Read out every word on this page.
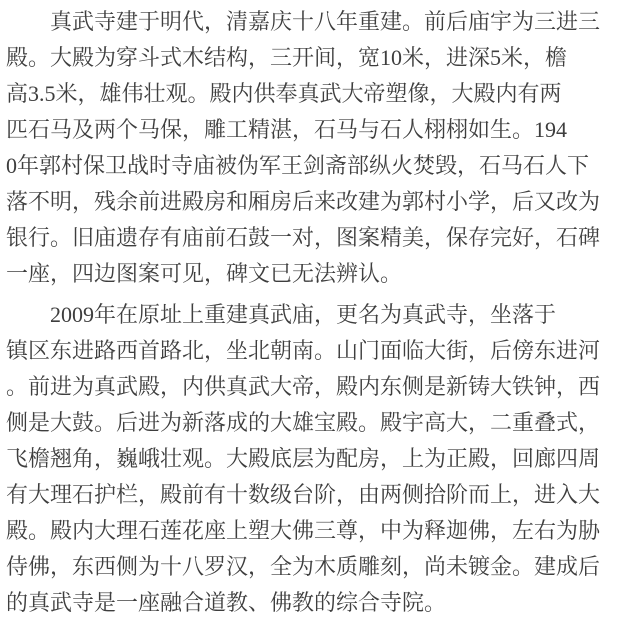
真武寺建于明代，清嘉庆十八年重建。前后庙宇为三进三
殿。大殿为穿斗式木结构，三开间，宽10米，进深5米，檐
高3.5米，雄伟壮观。殿内供奉真武大帝塑像，大殿内有两
匹石马及两个马保，雕工精湛，石马与石人栩栩如生。194
0年郭村保卫战时寺庙被伪军王剑斋部纵火焚毁，石马石人下
落不明，残余前进殿房和厢房后来改建为郭村小学，后又改为
银行。旧庙遗存有庙前石鼓一对，图案精美，保存完好，石碑
一座，四边图案可见，碑文已无法辨认。
2009年在原址上重建真武庙，更名为真武寺，坐落于
镇区东进路西首路北，坐北朝南。山门面临大街，后傍东进河
。前进为真武殿，内供真武大帝，殿内东侧是新铸大铁钟，西
侧是大鼓。后进为新落成的大雄宝殿。殿宇高大，二重叠式，
飞檐翘角，巍峨壮观。大殿底层为配房，上为正殿，回廊四周
有大理石护栏，殿前有十数级台阶，由两侧拾阶而上，进入大
殿。殿内大理石莲花座上塑大佛三尊，中为释迦佛，左右为胁
侍佛，东西侧为十八罗汉，全为木质雕刻，尚未镀金。建成后
的真武寺是一座融合道教、佛教的综合寺院。
